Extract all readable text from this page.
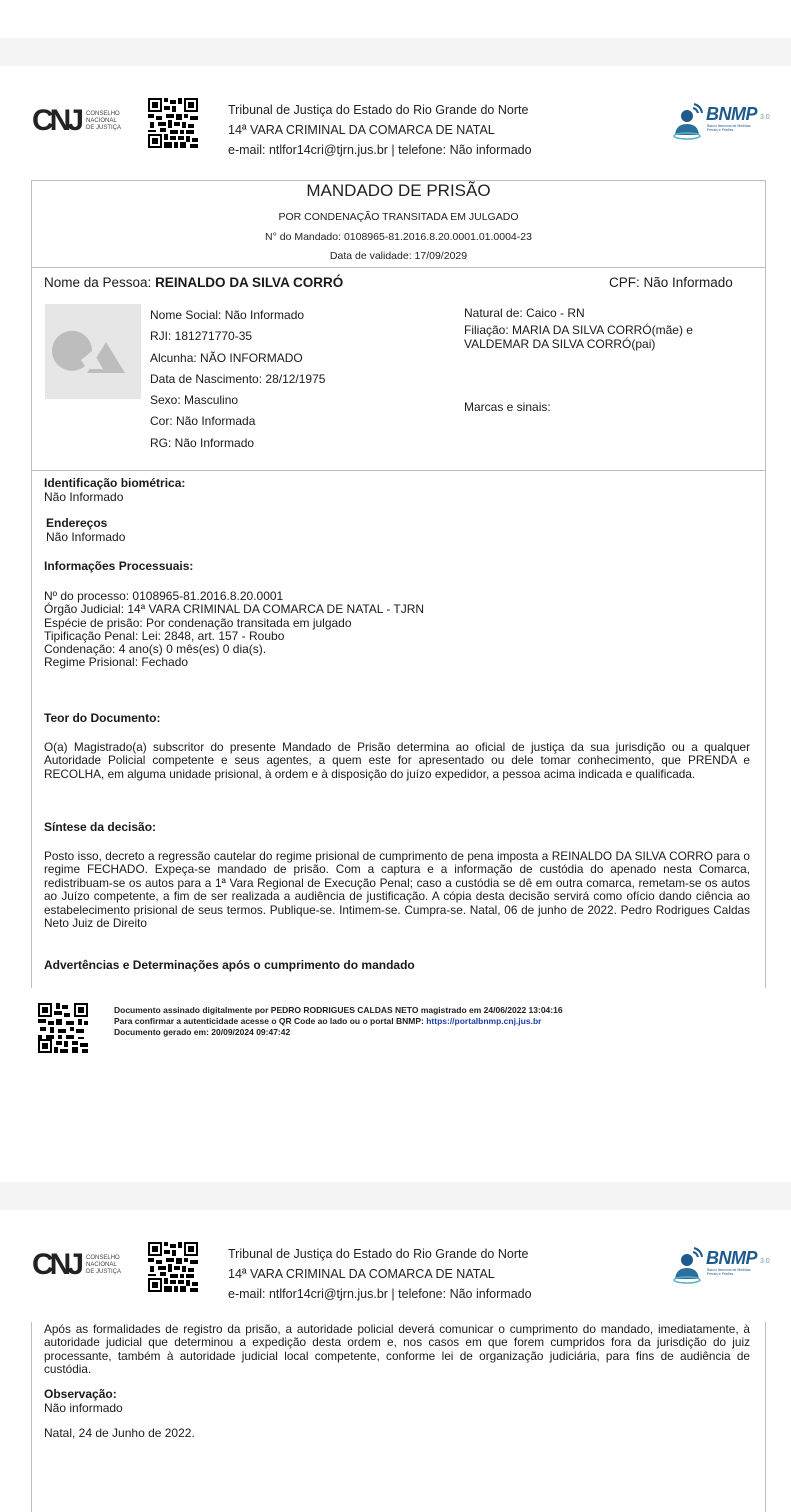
CNJ CONSELHO
NACIONAL
DE JUSTIÇA
Tribunal de Justiça do Estado do Rio Grande do Norte
14ª VARA CRIMINAL DA COMARCA DE NATAL
e-mail: ntlfor14cri@tjrn.jus.br | telefone: Não informado
BNMP 3.0
Banco Nacional de Medidas Penais e Prisões
MANDADO DE PRISÃO
POR CONDENAÇÃO TRANSITADA EM JULGADO
N° do Mandado: 0108965-81.2016.8.20.0001.01.0004-23
Data de validade: 17/09/2029
Nome da Pessoa: REINALDO DA SILVA CORRÓ	CPF: Não Informado
Nome Social: Não Informado
RJI: 181271770-35
Alcunha: NÃO INFORMADO
Data de Nascimento: 28/12/1975
Sexo: Masculino
Cor: Não Informada
RG: Não Informado
Natural de: Caico - RN
Filiação: MARIA DA SILVA CORRÓ(mãe) e
VALDEMAR DA SILVA CORRÓ(pai)
Marcas e sinais:
Identificação biométrica:
Não Informado
Endereços
Não Informado
Informações Processuais:
Nº do processo: 0108965-81.2016.8.20.0001
Órgão Judicial: 14ª VARA CRIMINAL DA COMARCA DE NATAL - TJRN
Espécie de prisão: Por condenação transitada em julgado
Tipificação Penal: Lei: 2848, art. 157 - Roubo
Condenação: 4 ano(s) 0 mês(es) 0 dia(s).
Regime Prisional: Fechado
Teor do Documento:
O(a) Magistrado(a) subscritor do presente Mandado de Prisão determina ao oficial de justiça da sua jurisdição ou a qualquer Autoridade Policial competente e seus agentes, a quem este for apresentado ou dele tomar conhecimento, que PRENDA e RECOLHA, em alguma unidade prisional, à ordem e à disposição do juízo expedidor, a pessoa acima indicada e qualificada.
Síntese da decisão:
Posto isso, decreto a regressão cautelar do regime prisional de cumprimento de pena imposta a REINALDO DA SILVA CORRO para o regime FECHADO. Expeça-se mandado de prisão. Com a captura e a informação de custódia do apenado nesta Comarca, redistribuam-se os autos para a 1ª Vara Regional de Execução Penal; caso a custódia se dê em outra comarca, remetam-se os autos ao Juízo competente, a fim de ser realizada a audiência de justificação. A cópia desta decisão servirá como ofício dando ciência ao estabelecimento prisional de seus termos. Publique-se. Intimem-se. Cumpra-se. Natal, 06 de junho de 2022. Pedro Rodrigues Caldas Neto Juiz de Direito
Advertências e Determinações após o cumprimento do mandado
Documento assinado digitalmente por PEDRO RODRIGUES CALDAS NETO magistrado em 24/06/2022 13:04:16
Para confirmar a autenticidade acesse o QR Code ao lado ou o portal BNMP: https://portalbnmp.cnj.jus.br
Documento gerado em: 20/09/2024 09:47:42
CNJ CONSELHO
NACIONAL
DE JUSTIÇA
Tribunal de Justiça do Estado do Rio Grande do Norte
14ª VARA CRIMINAL DA COMARCA DE NATAL
e-mail: ntlfor14cri@tjrn.jus.br | telefone: Não informado
BNMP 3.0
Banco Nacional de Medidas Penais e Prisões
Após as formalidades de registro da prisão, a autoridade policial deverá comunicar o cumprimento do mandado, imediatamente, à autoridade judicial que determinou a expedição desta ordem e, nos casos em que forem cumpridos fora da jurisdição do juiz processante, também à autoridade judicial local competente, conforme lei de organização judiciária, para fins de audiência de custódia.
Observação:
Não informado
Natal, 24 de Junho de 2022.
